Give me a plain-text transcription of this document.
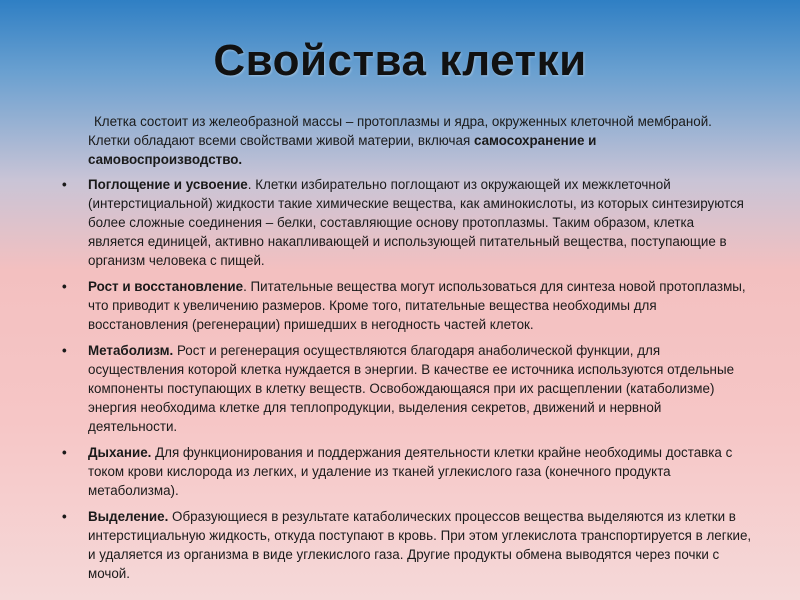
Свойства клетки

Клетка состоит из желеобразной массы – протоплазмы и ядра, окруженных клеточной мембраной. Клетки обладают всеми свойствами живой материи, включая самосохранение и самовоспроизводство.

• Поглощение и усвоение. Клетки избирательно поглощают из окружающей их межклеточной (интерстициальной) жидкости такие химические вещества, как аминокислоты, из которых синтезируются более сложные соединения – белки, составляющие основу протоплазмы. Таким образом, клетка является единицей, активно накапливающей и использующей питательный вещества, поступающие в организм человека с пищей.
• Рост и восстановление. Питательные вещества могут использоваться для синтеза новой протоплазмы, что приводит к увеличению размеров. Кроме того, питательные вещества необходимы для восстановления (регенерации) пришедших в негодность частей клеток.
• Метаболизм. Рост и регенерация осуществляются благодаря анаболической функции, для осуществления которой клетка нуждается в энергии. В качестве ее источника используются отдельные компоненты поступающих в клетку веществ. Освобождающаяся при их расщеплении (катаболизме) энергия необходима клетке для теплопродукции, выделения секретов, движений и нервной деятельности.
• Дыхание. Для функционирования и поддержания деятельности клетки крайне необходимы доставка с током крови кислорода из легких, и удаление из тканей углекислого газа (конечного продукта метаболизма).
• Выделение. Образующиеся в результате катаболических процессов вещества выделяются из клетки в интерстициальную жидкость, откуда поступают в кровь. При этом углекислота транспортируется в легкие, и удаляется из организма в виде углекислого газа. Другие продукты обмена выводятся через почки с мочой.
